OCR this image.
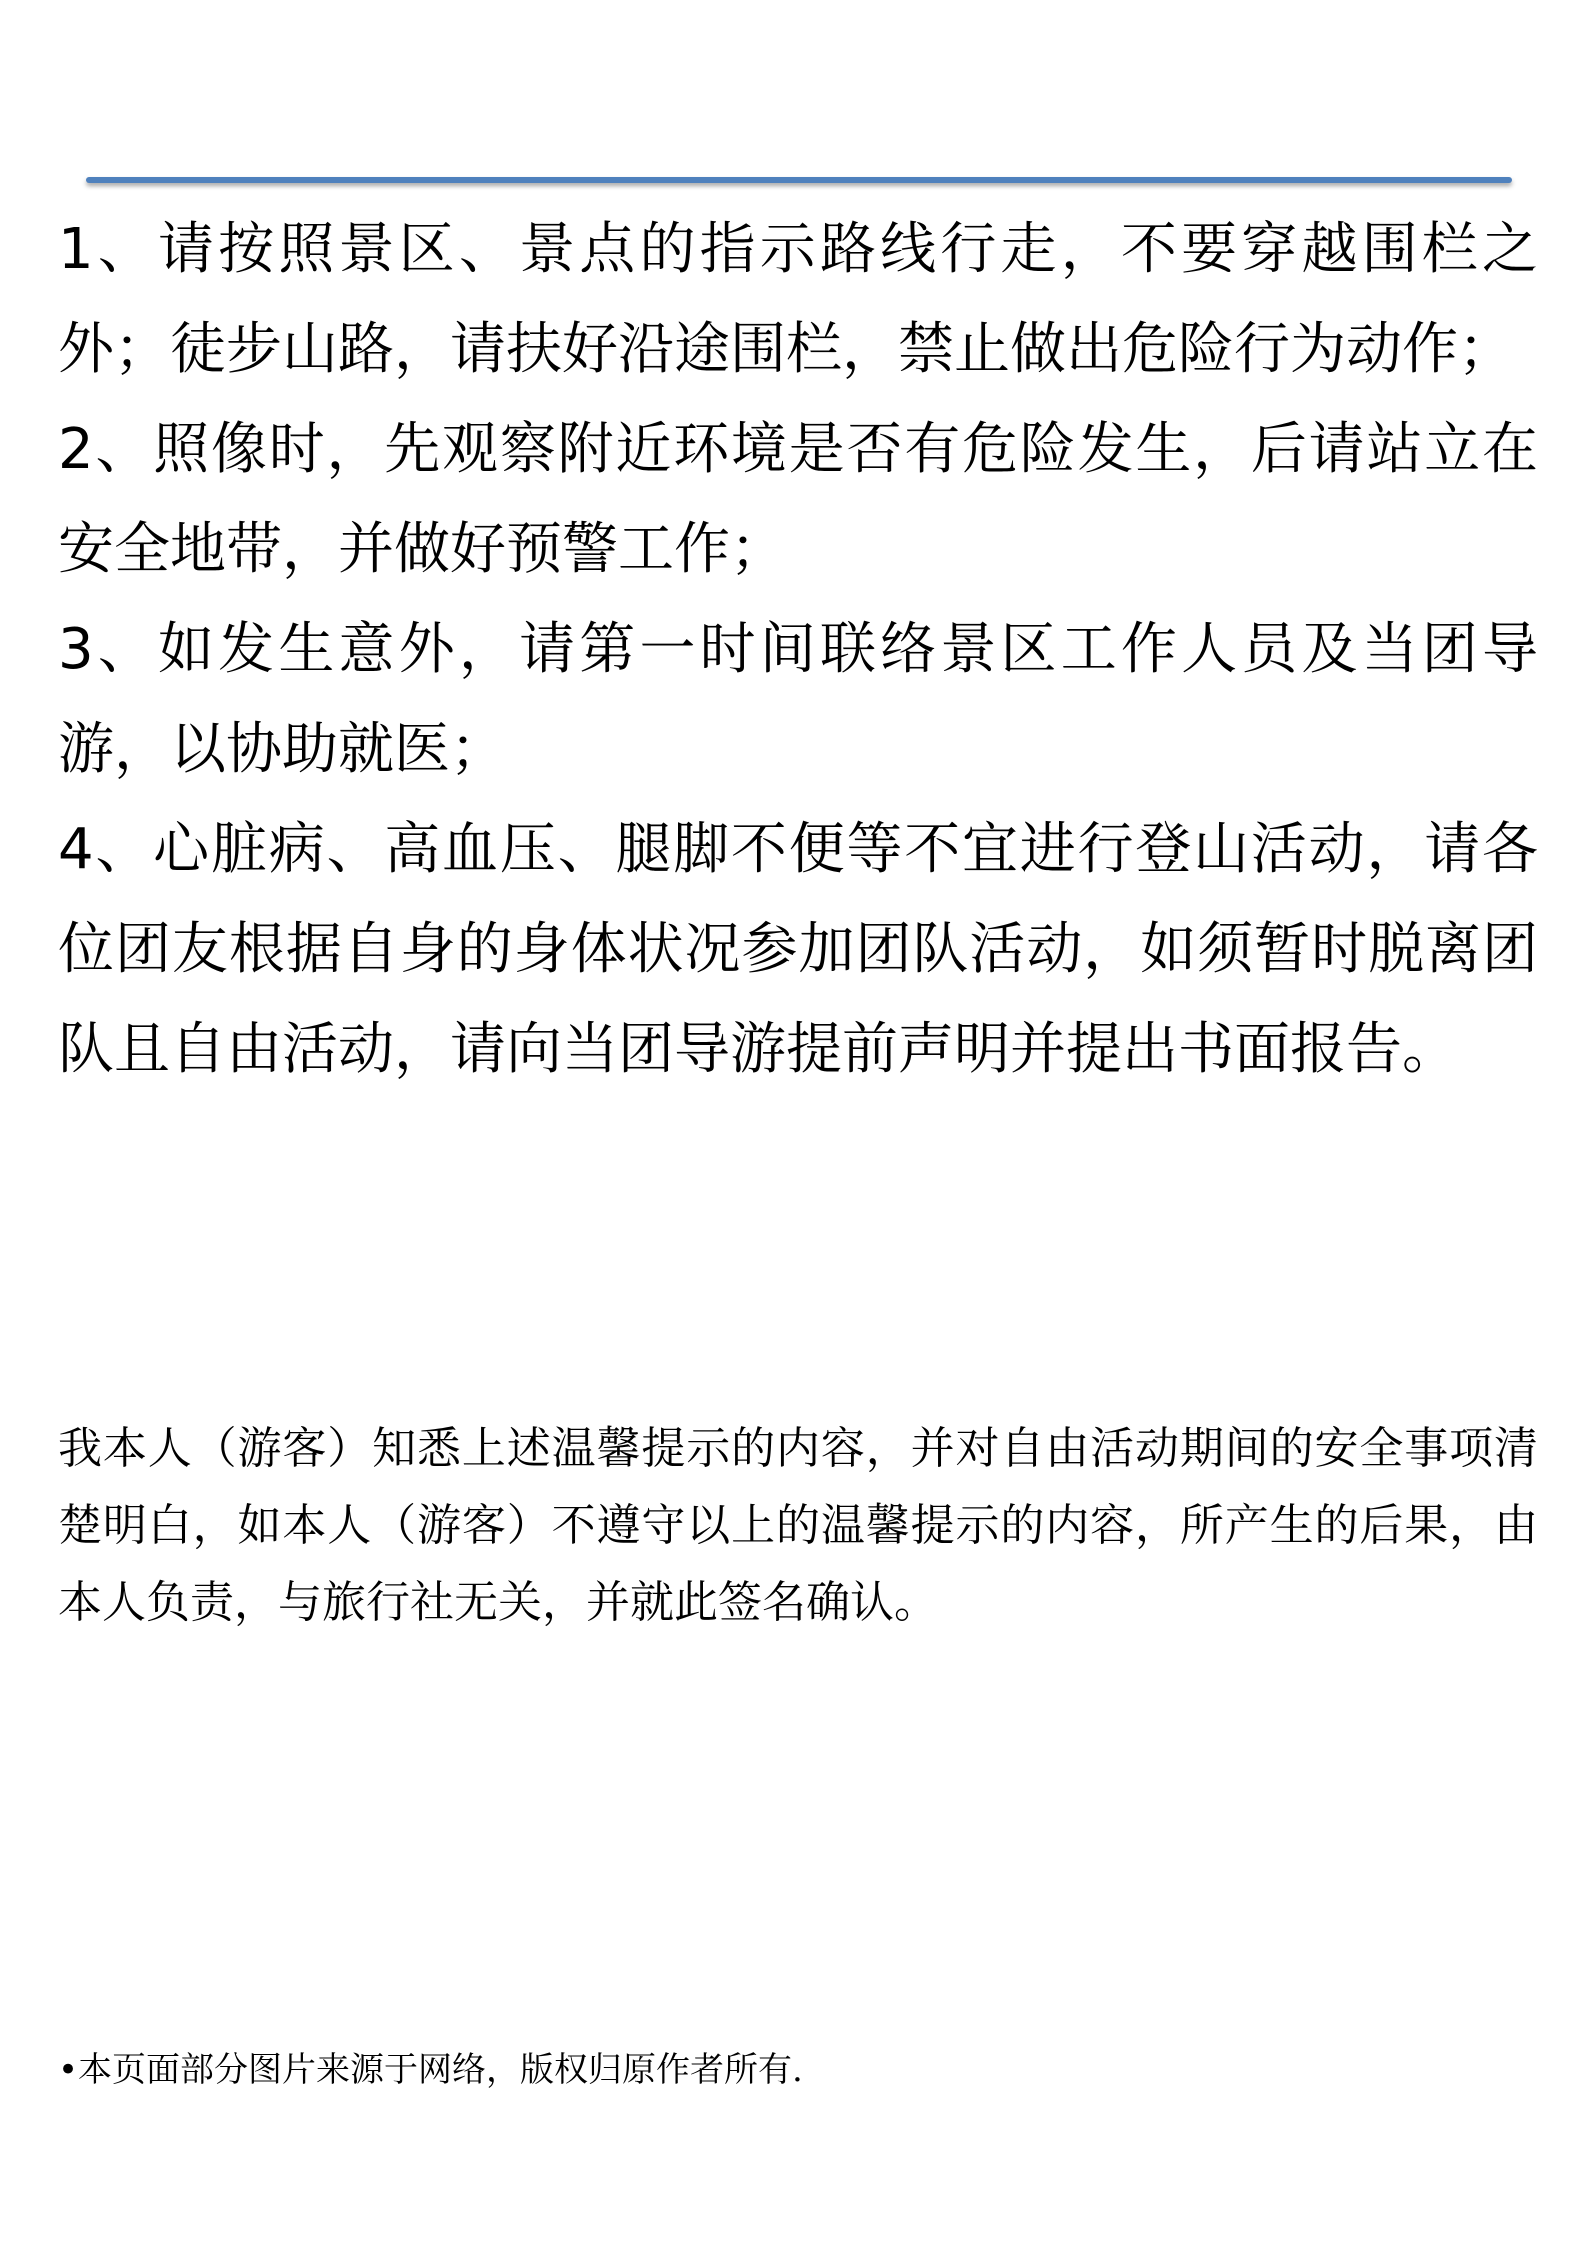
1、请按照景区、景点的指示路线行走，不要穿越围栏之外；徒步山路，请扶好沿途围栏，禁止做出危险行为动作；

2、照像时，先观察附近环境是否有危险发生，后请站立在安全地带，并做好预警工作；

3、如发生意外，请第一时间联络景区工作人员及当团导游，以协助就医；

4、心脏病、高血压、腿脚不便等不宜进行登山活动，请各位团友根据自身的身体状况参加团队活动，如须暂时脱离团队且自由活动，请向当团导游提前声明并提出书面报告。

我本人（游客）知悉上述温馨提示的内容，并对自由活动期间的安全事项清楚明白，如本人（游客）不遵守以上的温馨提示的内容，所产生的后果，由本人负责，与旅行社无关，并就此签名确认。

•本页面部分图片来源于网络，版权归原作者所有.
